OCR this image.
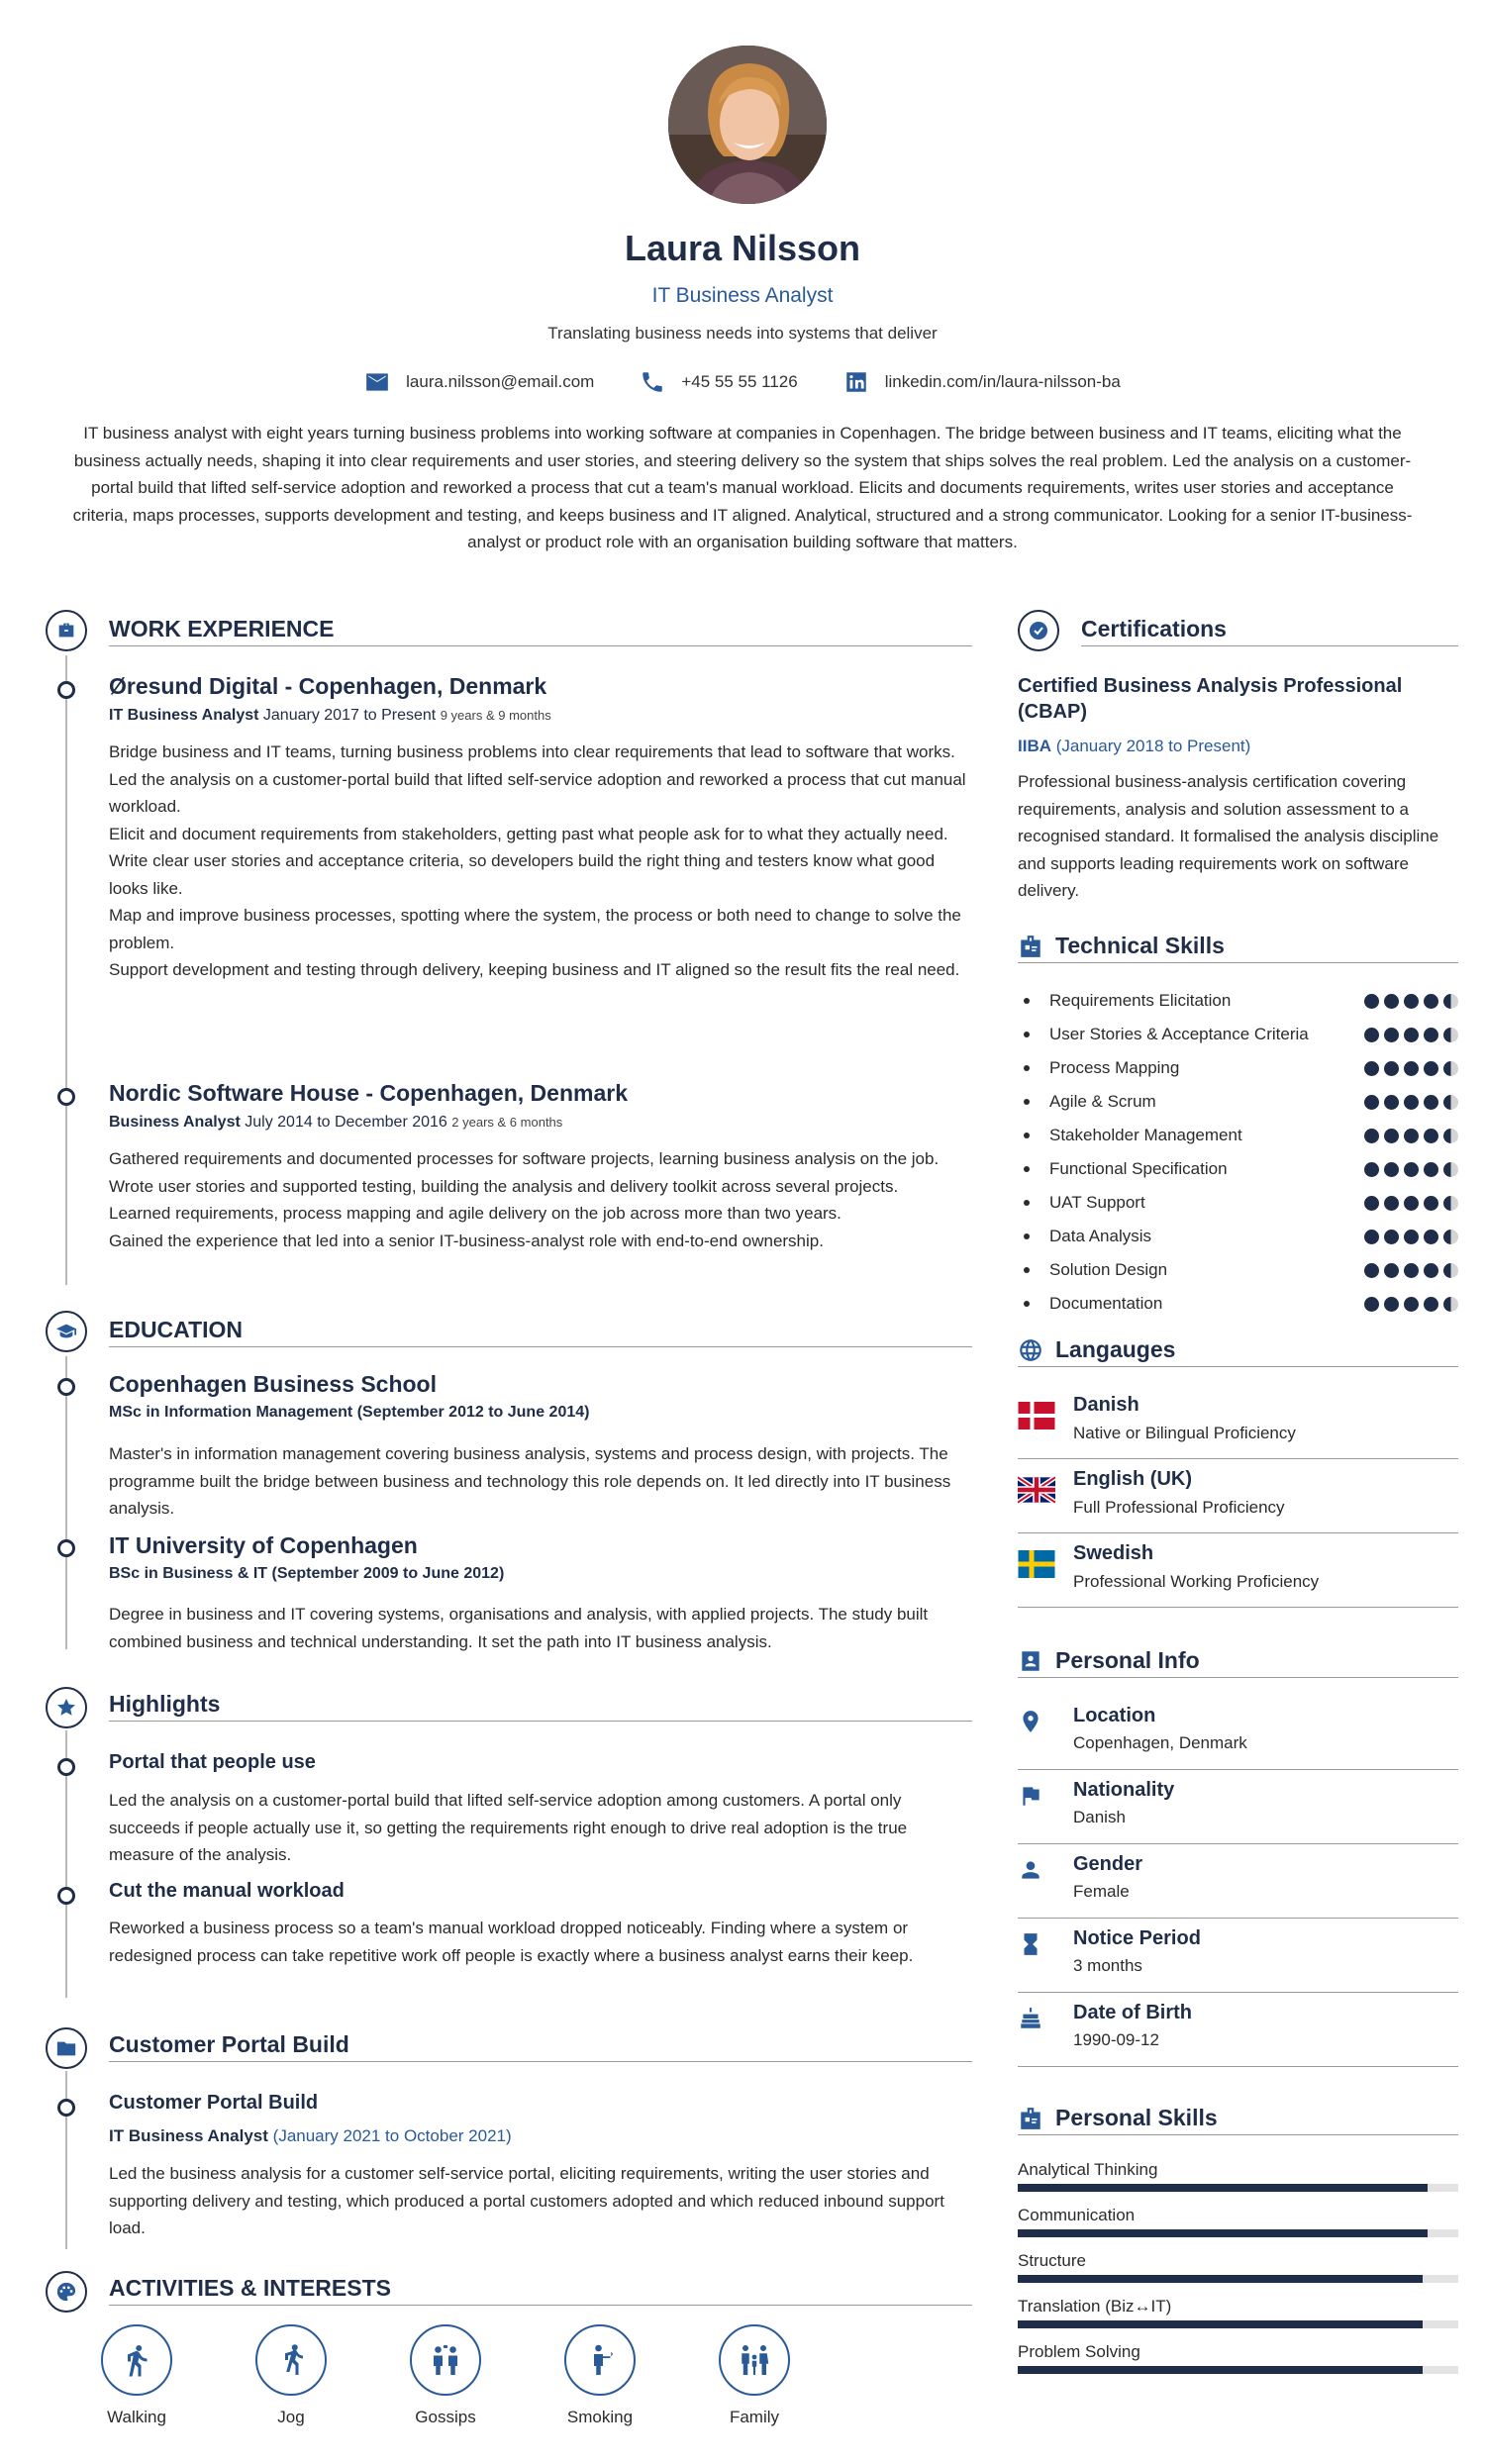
Laura Nilsson
IT Business Analyst
Translating business needs into systems that deliver
laura.nilsson@email.com	+45 55 55 1126	linkedin.com/in/laura-nilsson-ba
IT business analyst with eight years turning business problems into working software at companies in Copenhagen. The bridge between business and IT teams, eliciting what the business actually needs, shaping it into clear requirements and user stories, and steering delivery so the system that ships solves the real problem. Led the analysis on a customer-portal build that lifted self-service adoption and reworked a process that cut a team's manual workload. Elicits and documents requirements, writes user stories and acceptance criteria, maps processes, supports development and testing, and keeps business and IT aligned. Analytical, structured and a strong communicator. Looking for a senior IT-business-analyst or product role with an organisation building software that matters.
WORK EXPERIENCE
Øresund Digital - Copenhagen, Denmark
IT Business Analyst January 2017 to Present 9 years & 9 months
Bridge business and IT teams, turning business problems into clear requirements that lead to software that works.
Led the analysis on a customer-portal build that lifted self-service adoption and reworked a process that cut manual workload.
Elicit and document requirements from stakeholders, getting past what people ask for to what they actually need.
Write clear user stories and acceptance criteria, so developers build the right thing and testers know what good looks like.
Map and improve business processes, spotting where the system, the process or both need to change to solve the problem.
Support development and testing through delivery, keeping business and IT aligned so the result fits the real need.
Nordic Software House - Copenhagen, Denmark
Business Analyst July 2014 to December 2016 2 years & 6 months
Gathered requirements and documented processes for software projects, learning business analysis on the job.
Wrote user stories and supported testing, building the analysis and delivery toolkit across several projects.
Learned requirements, process mapping and agile delivery on the job across more than two years.
Gained the experience that led into a senior IT-business-analyst role with end-to-end ownership.
EDUCATION
Copenhagen Business School
MSc in Information Management (September 2012 to June 2014)
Master's in information management covering business analysis, systems and process design, with projects. The programme built the bridge between business and technology this role depends on. It led directly into IT business analysis.
IT University of Copenhagen
BSc in Business & IT (September 2009 to June 2012)
Degree in business and IT covering systems, organisations and analysis, with applied projects. The study built combined business and technical understanding. It set the path into IT business analysis.
Highlights
Portal that people use
Led the analysis on a customer-portal build that lifted self-service adoption among customers. A portal only succeeds if people actually use it, so getting the requirements right enough to drive real adoption is the true measure of the analysis.
Cut the manual workload
Reworked a business process so a team's manual workload dropped noticeably. Finding where a system or redesigned process can take repetitive work off people is exactly where a business analyst earns their keep.
Customer Portal Build
Customer Portal Build
IT Business Analyst (January 2021 to October 2021)
Led the business analysis for a customer self-service portal, eliciting requirements, writing the user stories and supporting delivery and testing, which produced a portal customers adopted and which reduced inbound support load.
ACTIVITIES & INTERESTS
Walking	Jog	Gossips	Smoking	Family
Certifications
Certified Business Analysis Professional (CBAP)
IIBA (January 2018 to Present)
Professional business-analysis certification covering requirements, analysis and solution assessment to a recognised standard. It formalised the analysis discipline and supports leading requirements work on software delivery.
Technical Skills
Requirements Elicitation
User Stories & Acceptance Criteria
Process Mapping
Agile & Scrum
Stakeholder Management
Functional Specification
UAT Support
Data Analysis
Solution Design
Documentation
Langauges
Danish
Native or Bilingual Proficiency
English (UK)
Full Professional Proficiency
Swedish
Professional Working Proficiency
Personal Info
Location
Copenhagen, Denmark
Nationality
Danish
Gender
Female
Notice Period
3 months
Date of Birth
1990-09-12
Personal Skills
Analytical Thinking
Communication
Structure
Translation (Biz↔IT)
Problem Solving
